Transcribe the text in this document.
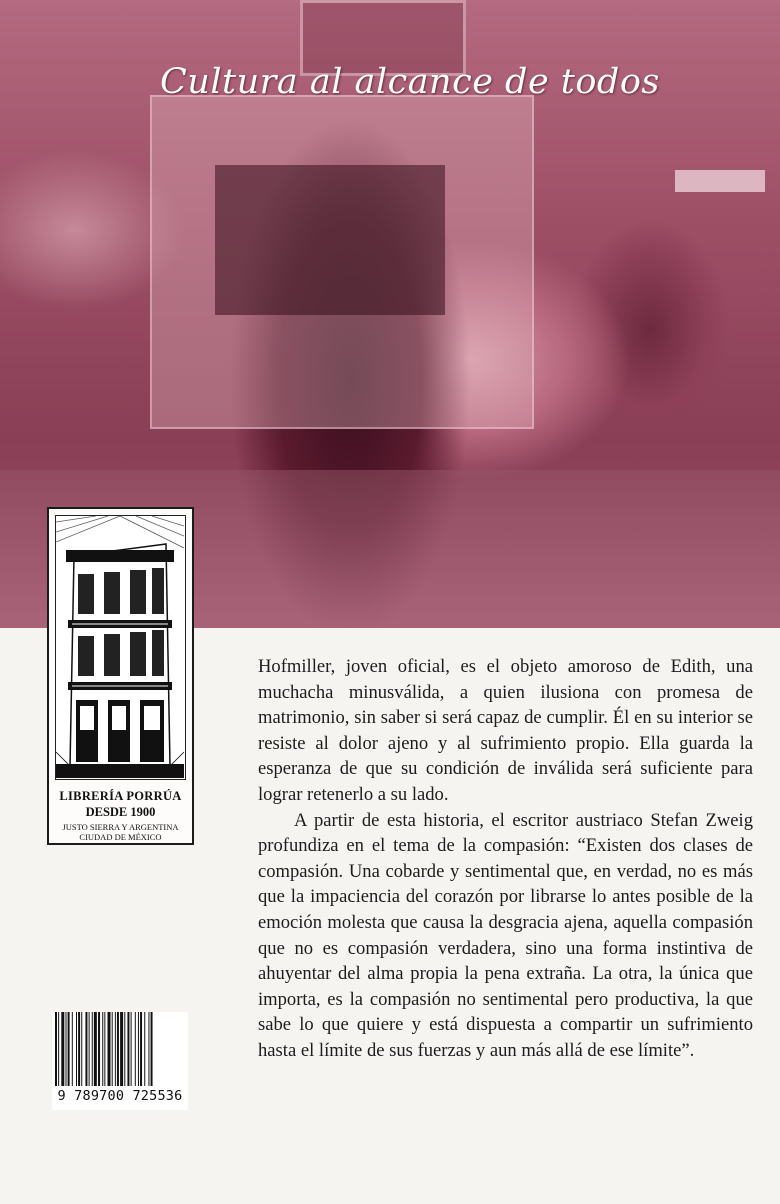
Cultura al alcance de todos
LIBRERÍA PORRÚA
DESDE 1900
JUSTO SIERRA Y ARGENTINA
CIUDAD DE MÉXICO

Hofmiller, joven oficial, es el objeto amoroso de Edith, una muchacha minusválida, a quien ilusiona con promesa de matrimonio, sin saber si será capaz de cumplir. Él en su interior se resiste al dolor ajeno y al sufrimiento propio. Ella guarda la esperanza de que su condición de inválida será suficiente para lograr retenerlo a su lado.

A partir de esta historia, el escritor austriaco Stefan Zweig profundiza en el tema de la compasión: “Existen dos clases de compasión. Una cobarde y sentimental que, en verdad, no es más que la impaciencia del corazón por librarse lo antes posible de la emoción molesta que causa la desgracia ajena, aquella compasión que no es compasión verdadera, sino una forma instintiva de ahuyentar del alma propia la pena extraña. La otra, la única que importa, es la compasión no sentimental pero productiva, la que sabe lo que quiere y está dispuesta a compartir un sufrimiento hasta el límite de sus fuerzas y aun más allá de ese límite”.

9 789700 725536
